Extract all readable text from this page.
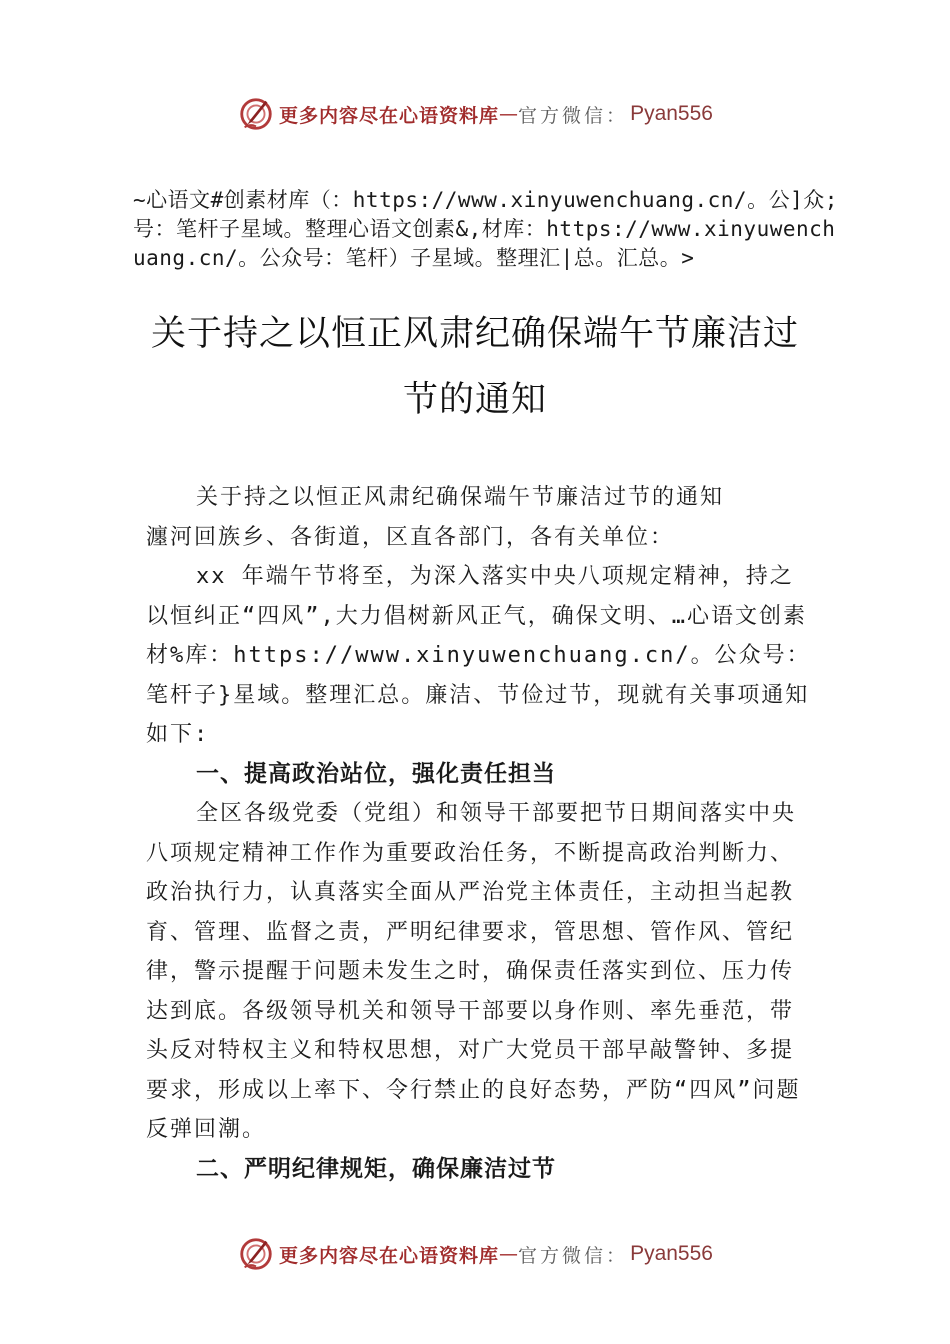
更多内容尽在心语资料库 — 官方微信： Pyan556
~心语文#创素材库（：https://www.xinyuwenchuang.cn/。公]众;号：笔杆子星域。整理心语文创素&,材库：https://www.xinyuwenchuang.cn/。公众号：笔杆）子星域。整理汇|总。汇总。>
关于持之以恒正风肃纪确保端午节廉洁过
节的通知

关于持之以恒正风肃纪确保端午节廉洁过节的通知

瀍河回族乡、各街道，区直各部门，各有关单位：

xx 年端午节将至，为深入落实中央八项规定精神，持之以恒纠正“四风”,大力倡树新风正气，确保文明、…心语文创素材%库：https://www.xinyuwenchuang.cn/。公众号：笔杆子}星域。整理汇总。廉洁、节俭过节，现就有关事项通知如下:

一、提高政治站位，强化责任担当

全区各级党委（党组）和领导干部要把节日期间落实中央八项规定精神工作作为重要政治任务，不断提高政治判断力、政治执行力，认真落实全面从严治党主体责任，主动担当起教育、管理、监督之责，严明纪律要求，管思想、管作风、管纪律，警示提醒于问题未发生之时，确保责任落实到位、压力传达到底。各级领导机关和领导干部要以身作则、率先垂范，带头反对特权主义和特权思想，对广大党员干部早敲警钟、多提要求，形成以上率下、令行禁止的良好态势，严防“四风”问题反弹回潮。

二、严明纪律规矩，确保廉洁过节

更多内容尽在心语资料库 — 官方微信： Pyan556
